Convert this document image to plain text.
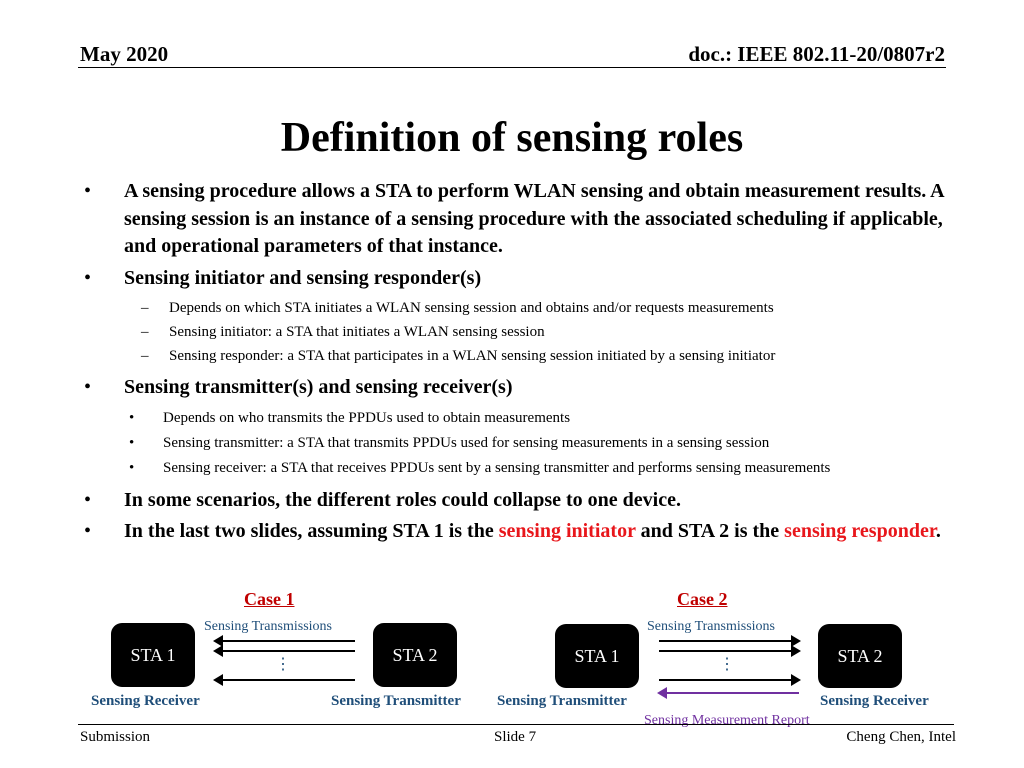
May 2020	doc.: IEEE 802.11-20/0807r2
Definition of sensing roles
• A sensing procedure allows a STA to perform WLAN sensing and obtain measurement results. A sensing session is an instance of a sensing procedure with the associated scheduling if applicable, and operational parameters of that instance.
• Sensing initiator and sensing responder(s)
– Depends on which STA initiates a WLAN sensing session and obtains and/or requests measurements
– Sensing initiator: a STA that initiates a WLAN sensing session
– Sensing responder: a STA that participates in a WLAN sensing session initiated by a sensing initiator
• Sensing transmitter(s) and sensing receiver(s)
• Depends on who transmits the PPDUs used to obtain measurements
• Sensing transmitter: a STA that transmits PPDUs used for sensing measurements in a sensing session
• Sensing receiver: a STA that receives PPDUs sent by a sensing transmitter and performs sensing measurements
• In some scenarios, the different roles could collapse to one device.
• In the last two slides, assuming STA 1 is the sensing initiator and STA 2 is the sensing responder.
Case 1
Sensing Transmissions
STA 1	STA 2
⋮
Sensing Receiver	Sensing Transmitter
Case 2
Sensing Transmissions
STA 1	STA 2
⋮
Sensing Transmitter	Sensing Receiver
Sensing Measurement Report
Submission	Slide 7	Cheng Chen, Intel
